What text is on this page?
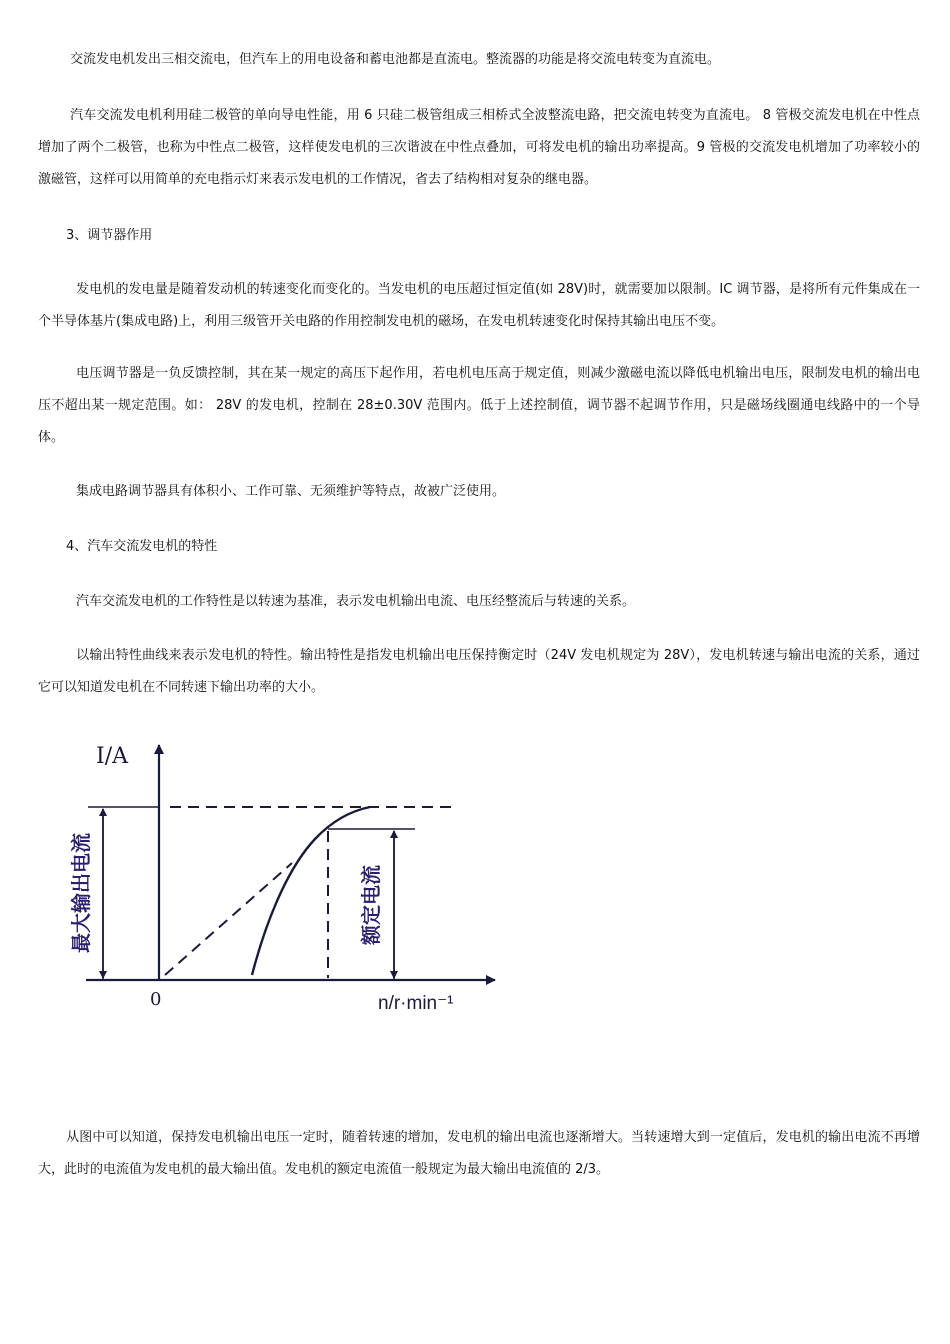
交流发电机发出三相交流电，但汽车上的用电设备和蓄电池都是直流电。整流器的功能是将交流电转变为直流电。

汽车交流发电机利用硅二极管的单向导电性能，用 6 只硅二极管组成三相桥式全波整流电路，把交流电转变为直流电。 8 管极交流发电机在中性点增加了两个二极管，也称为中性点二极管，这样使发电机的三次谐波在中性点叠加，可将发电机的输出功率提高。9 管极的交流发电机增加了功率较小的激磁管，这样可以用简单的充电指示灯来表示发电机的工作情况，省去了结构相对复杂的继电器。

3、调节器作用

发电机的发电量是随着发动机的转速变化而变化的。当发电机的电压超过恒定值(如 28V)时，就需要加以限制。IC 调节器，是将所有元件集成在一个半导体基片(集成电路)上，利用三级管开关电路的作用控制发电机的磁场，在发电机转速变化时保持其输出电压不变。

电压调节器是一负反馈控制，其在某一规定的高压下起作用，若电机电压高于规定值，则减少激磁电流以降低电机输出电压，限制发电机的输出电压不超出某一规定范围。如： 28V 的发电机，控制在 28±0.30V 范围内。低于上述控制值，调节器不起调节作用，只是磁场线圈通电线路中的一个导体。

集成电路调节器具有体积小、工作可靠、无须维护等特点，故被广泛使用。

4、汽车交流发电机的特性

汽车交流发电机的工作特性是以转速为基准，表示发电机输出电流、电压经整流后与转速的关系。

以输出特性曲线来表示发电机的特性。输出特性是指发电机输出电压保持衡定时（24V 发电机规定为 28V），发电机转速与输出电流的关系，通过它可以知道发电机在不同转速下输出功率的大小。

I/A
0	n/r·min⁻¹
最大输出电流	额定电流

从图中可以知道，保持发电机输出电压一定时，随着转速的增加，发电机的输出电流也逐渐增大。当转速增大到一定值后，发电机的输出电流不再增大，此时的电流值为发电机的最大输出值。发电机的额定电流值一般规定为最大输出电流值的 2/3。
